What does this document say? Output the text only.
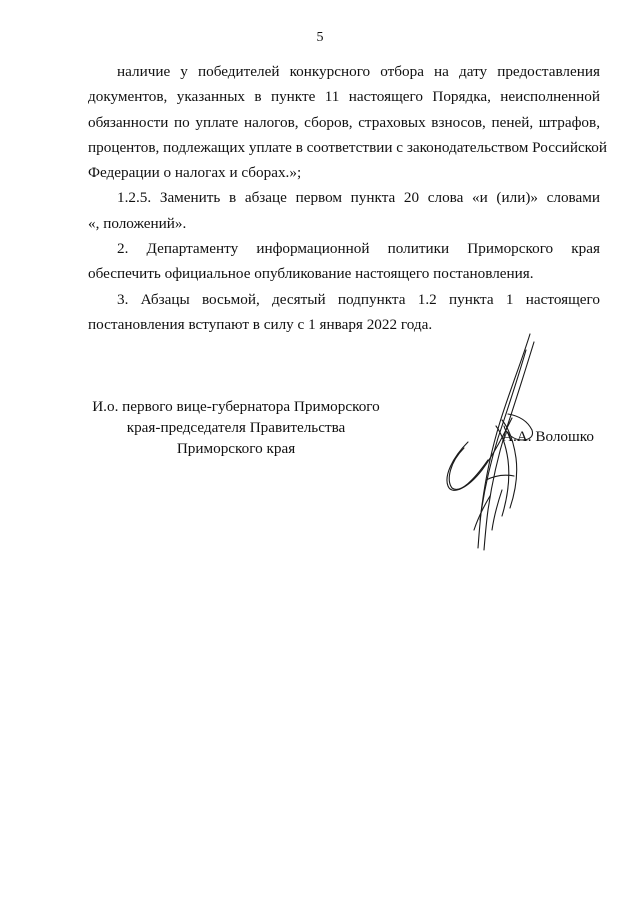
5

наличие у победителей конкурсного отбора на дату предоставления
документов, указанных в пункте 11 настоящего Порядка, неисполненной
обязанности по уплате налогов, сборов, страховых взносов, пеней, штрафов,
процентов, подлежащих уплате в соответствии с законодательством Российской
Федерации о налогах и сборах.»;

1.2.5. Заменить в абзаце первом пункта 20 слова «и (или)» словами
«, положений».

2. Департаменту информационной политики Приморского края
обеспечить официальное опубликование настоящего постановления.

3. Абзацы восьмой, десятый подпункта 1.2 пункта 1 настоящего
постановления вступают в силу с 1 января 2022 года.

И.о. первого вице-губернатора Приморского
края-председателя Правительства
Приморского края
А.А. Волошко
